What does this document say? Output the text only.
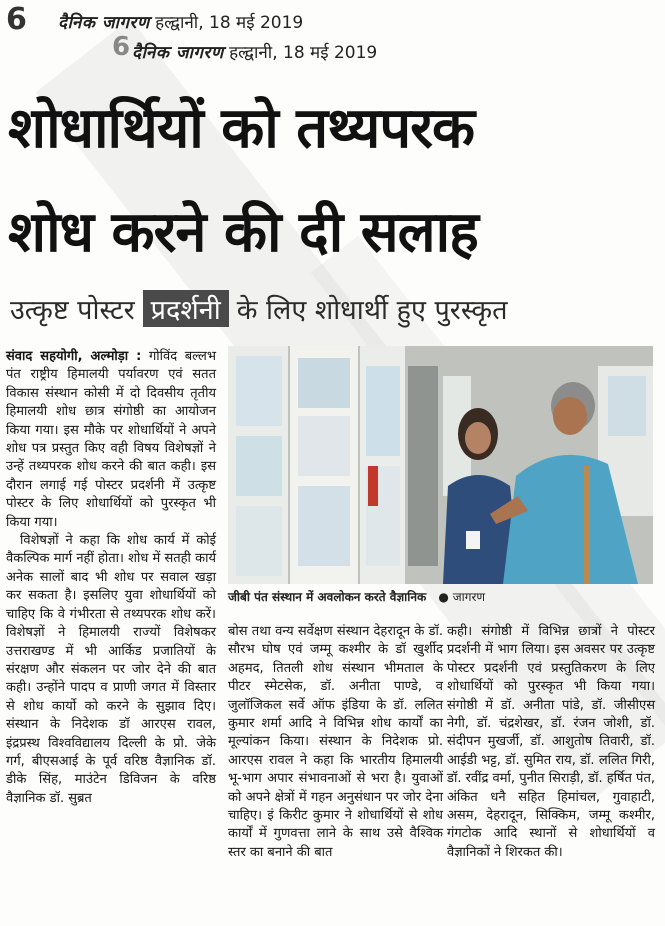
6 दैनिक जागरण हल्द्वानी, 18 मई 2019
6 दैनिक जागरण हल्द्वानी, 18 मई 2019
शोधार्थियों को तथ्यपरक
शोध करने की दी सलाह
उत्कृष्ट पोस्टर प्रदर्शनी के लिए शोधार्थी हुए पुरस्कृत

संवाद सहयोगी, अल्मोड़ा : गोविंद बल्लभ पंत राष्ट्रीय हिमालयी पर्यावरण एवं सतत विकास संस्थान कोसी में दो दिवसीय तृतीय हिमालयी शोध छात्र संगोष्ठी का आयोजन किया गया। इस मौके पर शोधार्थियों ने अपने शोध पत्र प्रस्तुत किए वही विषय विशेषज्ञों ने उन्हें तथ्यपरक शोध करने की बात कही। इस दौरान लगाई गई पोस्टर प्रदर्शनी में उत्कृष्ट पोस्टर के लिए शोधार्थियों को पुरस्कृत भी किया गया।

विशेषज्ञों ने कहा कि शोध कार्य में कोई वैकल्पिक मार्ग नहीं होता। शोध में सतही कार्य अनेक सालों बाद भी शोध पर सवाल खड़ा कर सकता है। इसलिए युवा शोधार्थियों को चाहिए कि वे गंभीरता से तथ्यपरक शोध करें। विशेषज्ञों ने हिमालयी राज्यों विशेषकर उत्तराखण्ड में भी आर्किड प्रजातियों के संरक्षण और संकलन पर जोर देने की बात कही। उन्होंने पादप व प्राणी जगत में विस्तार से शोध कार्यो को करने के सुझाव दिए। संस्थान के निदेशक डॉ आरएस रावल, इंद्रप्रस्थ विश्वविद्यालय दिल्ली के प्रो. जेके गर्ग, बीएसआई के पूर्व वरिष्ठ वैज्ञानिक डॉ. डीके सिंह, माउंटेन डिविजन के वरिष्ठ वैज्ञानिक डॉ. सुब्रत

जीबी पंत संस्थान में अवलोकन करते वैज्ञानिक ● जागरण

बोस तथा वन्य सर्वेक्षण संस्थान देहरादून के डॉ. सौरभ घोष एवं जम्मू कश्मीर के डॉ खुर्शीद अहमद, तितली शोध संस्थान भीमताल के पीटर स्मेटसेक, डॉ. अनीता पाण्डे, व जुलॉजिकल सर्वे ऑफ इंडिया के डॉ. ललित कुमार शर्मा आदि ने विभिन्न शोध कार्यों का मूल्यांकन किया। संस्थान के निदेशक प्रो. आरएस रावल ने कहा कि भारतीय हिमालयी भू-भाग अपार संभावनाओं से भरा है। युवाओं को अपने क्षेत्रों में गहन अनुसंधान पर जोर देना चाहिए। इं किरीट कुमार ने शोधार्थियों से शोध कार्यों में गुणवत्ता लाने के साथ उसे वैश्विक स्तर का बनाने की बात

कही। संगोष्ठी में विभिन्न छात्रों ने पोस्टर प्रदर्शनी में भाग लिया। इस अवसर पर उत्कृष्ट पोस्टर प्रदर्शनी एवं प्रस्तुतिकरण के लिए शोधार्थियों को पुरस्कृत भी किया गया। संगोष्ठी में डॉ. अनीता पांडे, डॉ. जीसीएस नेगी, डॉ. चंद्रशेखर, डॉ. रंजन जोशी, डॉ. संदीपन मुखर्जी, डॉ. आशुतोष तिवारी, डॉ. आईडी भट्ट, डॉ. सुमित राय, डॉ. ललित गिरी, डॉ. रवींद्र वर्मा, पुनीत सिराड़ी, डॉ. हर्षित पंत, अंकित धनै सहित हिमांचल, गुवाहाटी, असम, देहरादून, सिक्किम, जम्मू कश्मीर, गंगटोक आदि स्थानों से शोधार्थियों व वैज्ञानिकों ने शिरकत की।
